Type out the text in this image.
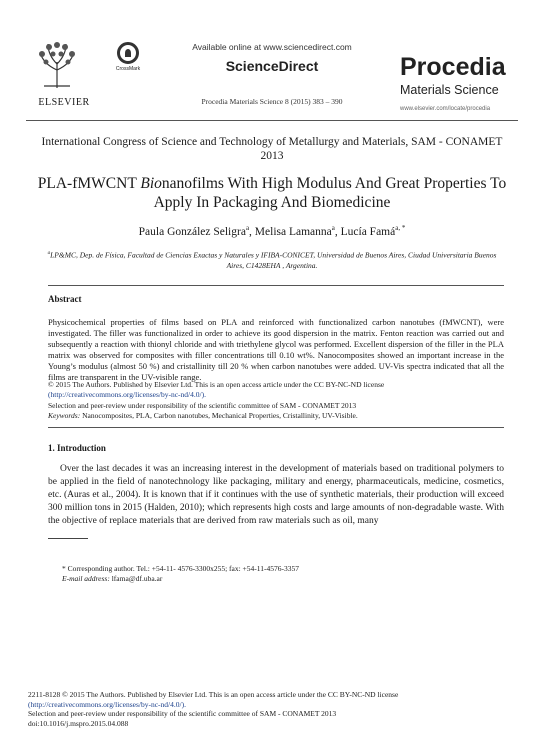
ELSEVIER
CrossMark
Available online at www.sciencedirect.com
ScienceDirect
Procedia Materials Science 8 (2015) 383 – 390
Procedia
Materials Science
www.elsevier.com/locate/procedia
International Congress of Science and Technology of Metallurgy and Materials, SAM - CONAMET 2013
PLA-fMWCNT Bionanofilms With High Modulus And Great Properties To Apply In Packaging And Biomedicine
Paula González Seligra$^a$, Melisa Lamanna$^a$, Lucía Famá$^{a, *}$
$^a$LP&MC, Dep. de Física, Facultad de Ciencias Exactas y Naturales y IFIBA-CONICET, Universidad de Buenos Aires, Ciudad Universitaria Buenos Aires, C1428EHA , Argentina.
Abstract
Physicochemical properties of films based on PLA and reinforced with functionalized carbon nanotubes (fMWCNT), were investigated. The filler was functionalized in order to achieve its good dispersion in the matrix. Fenton reaction was carried out and subsequently a reaction with thionyl chloride and with triethylene glycol was performed. Excellent dispersion of the filler in the PLA matrix was observed for composites with filler concentrations till 0.10 wt%. Nanocomposites showed an important increase in the Young’s modulus (almost 50 %) and cristallinity till 20 % when carbon nanotubes were added. UV-Vis spectra indicated that all the films are transparent in the UV-visible range.
© 2015 The Authors. Published by Elsevier Ltd. This is an open access article under the CC BY-NC-ND license
(http://creativecommons.org/licenses/by-nc-nd/4.0/).
Selection and peer-review under responsibility of the scientific committee of SAM - CONAMET 2013
Keywords: Nanocomposites, PLA, Carbon nanotubes, Mechanical Properties, Cristallinity, UV-Visible.
1. Introduction
Over the last decades it was an increasing interest in the development of materials based on traditional polymers to be applied in the field of nanotechnology like packaging, military and energy, pharmaceuticals, medicine, cosmetics, etc. (Auras et al., 2004). It is known that if it continues with the use of synthetic materials, their production will exceed 300 million tons in 2015 (Halden, 2010); which represents high costs and large amounts of non-degradable waste. With the objective of replace materials that are derived from raw materials such as oil, many
* Corresponding author. Tel.: +54-11- 4576-3300x255; fax: +54-11-4576-3357
E-mail address: lfama@df.uba.ar
2211-8128 © 2015 The Authors. Published by Elsevier Ltd. This is an open access article under the CC BY-NC-ND license
(http://creativecommons.org/licenses/by-nc-nd/4.0/).
Selection and peer-review under responsibility of the scientific committee of SAM - CONAMET 2013
doi:10.1016/j.mspro.2015.04.088
